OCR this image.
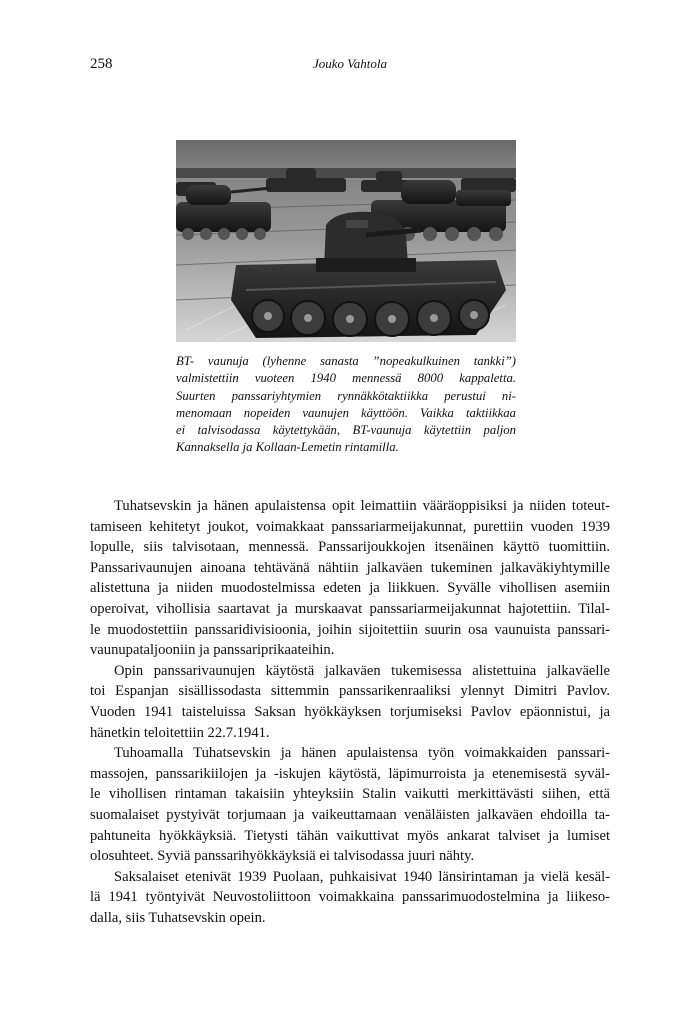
258	Jouko Vahtola
BT- vaunuja (lyhenne sanasta ”nopeakulkuinen tankki”)
valmistettiin vuoteen 1940 mennessä 8000 kappaletta.
Suurten panssariyhtymien rynnäkkötaktiikka perustui ni-
menomaan nopeiden vaunujen käyttöön. Vaikka taktiikkaa
ei talvisodassa käytettykään, BT-vaunuja käytettiin paljon
Kannaksella ja Kollaan-Lemetin rintamilla.

Tuhatsevskin ja hänen apulaistensa opit leimattiin vääräoppisiksi ja niiden toteut-
tamiseen kehitetyt joukot, voimakkaat panssariarmeijakunnat, purettiin vuoden 1939
lopulle, siis talvisotaan, mennessä. Panssarijoukkojen itsenäinen käyttö tuomittiin.
Panssarivaunujen ainoana tehtävänä nähtiin jalkaväen tukeminen jalkaväkiyhtymille
alistettuna ja niiden muodostelmissa edeten ja liikkuen. Syvälle vihollisen asemiin
operoivat, vihollisia saartavat ja murskaavat panssariarmeijakunnat hajotettiin. Tilal-
le muodostettiin panssaridivisioonia, joihin sijoitettiin suurin osa vaunuista panssari-
vaunupataljooniin ja panssariprikaateihin.

Opin panssarivaunujen käytöstä jalkaväen tukemisessa alistettuina jalkaväelle
toi Espanjan sisällissodasta sittemmin panssarikenraaliksi ylennyt Dimitri Pavlov.
Vuoden 1941 taisteluissa Saksan hyökkäyksen torjumiseksi Pavlov epäonnistui, ja
hänetkin teloitettiin 22.7.1941.

Tuhoamalla Tuhatsevskin ja hänen apulaistensa työn voimakkaiden panssari-
massojen, panssarikiilojen ja -iskujen käytöstä, läpimurroista ja etenemisestä syväl-
le vihollisen rintaman takaisiin yhteyksiin Stalin vaikutti merkittävästi siihen, että
suomalaiset pystyivät torjumaan ja vaikeuttamaan venäläisten jalkaväen ehdoilla ta-
pahtuneita hyökkäyksiä. Tietysti tähän vaikuttivat myös ankarat talviset ja lumiset
olosuhteet. Syviä panssarihyökkäyksiä ei talvisodassa juuri nähty.

Saksalaiset etenivät 1939 Puolaan, puhkaisivat 1940 länsirintaman ja vielä kesäl-
lä 1941 työntyivät Neuvostoliittoon voimakkaina panssarimuodostelmina ja liikeso-
dalla, siis Tuhatsevskin opein.
